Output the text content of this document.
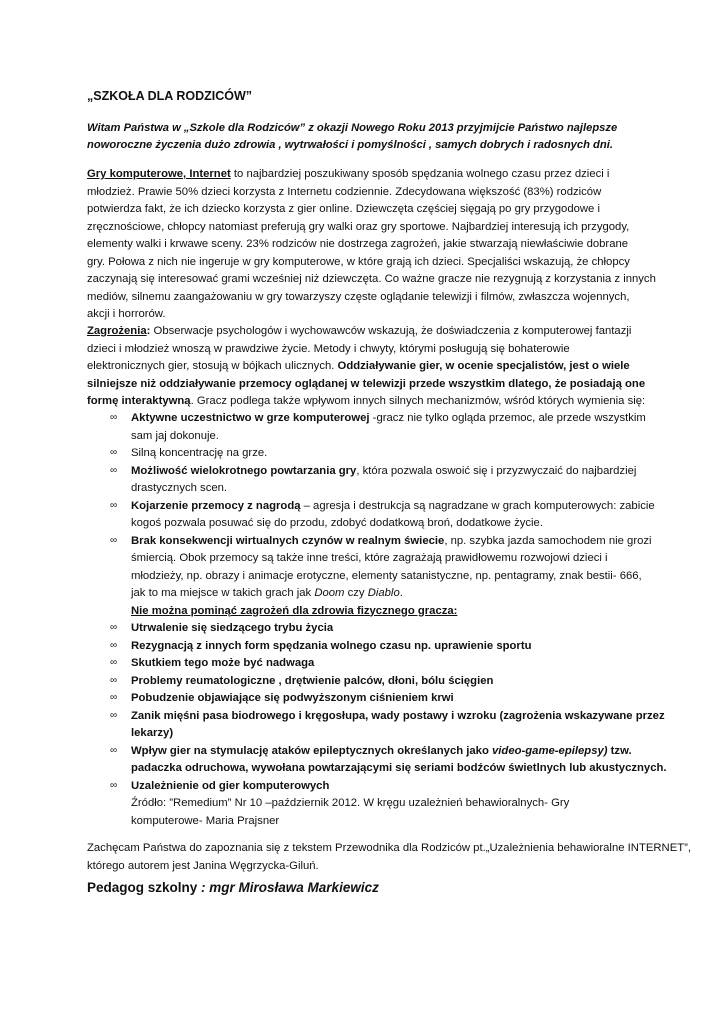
„SZKOŁA DLA RODZICÓW”
Witam Państwa w „Szkole dla Rodziców” z okazji Nowego Roku 2013 przyjmijcie Państwo najlepsze
noworoczne życzenia dużo zdrowia , wytrwałości i pomyślności , samych dobrych i radosnych dni.
Gry komputerowe, Internet to najbardziej poszukiwany sposób spędzania wolnego czasu przez dzieci i
młodzież. Prawie 50% dzieci korzysta z Internetu codziennie. Zdecydowana większość (83%) rodziców
potwierdza fakt, że ich dziecko korzysta z gier online. Dziewczęta częściej sięgają po gry przygodowe i
zręcznościowe, chłopcy natomiast preferują gry walki oraz gry sportowe. Najbardziej interesują ich przygody,
elementy walki i krwawe sceny. 23% rodziców nie dostrzega zagrożeń, jakie stwarzają niewłaściwie dobrane
gry. Połowa z nich nie ingeruje w gry komputerowe, w które grają ich dzieci. Specjaliści wskazują, że chłopcy
zaczynają się interesować grami wcześniej niż dziewczęta. Co ważne gracze nie rezygnują z korzystania z innych
mediów, silnemu zaangażowaniu w gry towarzyszy częste oglądanie telewizji i filmów, zwłaszcza wojennych,
akcji i horrorów.
Zagrożenia: Obserwacje psychologów i wychowawców wskazują, że doświadczenia z komputerowej fantazji
dzieci i młodzież wnoszą w prawdziwe życie. Metody i chwyty, którymi posługują się bohaterowie
elektronicznych gier, stosują w bójkach ulicznych. Oddziaływanie gier, w ocenie specjalistów, jest o wiele
silniejsze niż oddziaływanie przemocy oglądanej w telewizji przede wszystkim dlatego, że posiadają one
formę interaktywną. Gracz podlega także wpływom innych silnych mechanizmów, wśród których wymienia się:
∞ Aktywne uczestnictwo w grze komputerowej -gracz nie tylko ogląda przemoc, ale przede wszystkim
sam jaj dokonuje.
∞ Silną koncentrację na grze.
∞ Możliwość wielokrotnego powtarzania gry, która pozwala oswoić się i przyzwyczaić do najbardziej
drastycznych scen.
∞ Kojarzenie przemocy z nagrodą – agresja i destrukcja są nagradzane w grach komputerowych: zabicie
kogoś pozwala posuwać się do przodu, zdobyć dodatkową broń, dodatkowe życie.
∞ Brak konsekwencji wirtualnych czynów w realnym świecie, np. szybka jazda samochodem nie grozi
śmiercią. Obok przemocy są także inne treści, które zagrażają prawidłowemu rozwojowi dzieci i
młodzieży, np. obrazy i animacje erotyczne, elementy satanistyczne, np. pentagramy, znak bestii- 666,
jak to ma miejsce w takich grach jak Doom czy Diablo.
Nie można pominąć zagrożeń dla zdrowia fizycznego gracza:
∞ Utrwalenie się siedzącego trybu życia
∞ Rezygnacją z innych form spędzania wolnego czasu np. uprawienie sportu
∞ Skutkiem tego może być nadwaga
∞ Problemy reumatologiczne , drętwienie palców, dłoni, bólu ścięgien
∞ Pobudzenie objawiające się podwyższonym ciśnieniem krwi
∞ Zanik mięśni pasa biodrowego i kręgosłupa, wady postawy i wzroku (zagrożenia wskazywane przez
lekarzy)
∞ Wpływ gier na stymulację ataków epileptycznych określanych jako video-game-epilepsy) tzw.
padaczka odruchowa, wywołana powtarzającymi się seriami bodźców świetlnych lub akustycznych.
∞ Uzależnienie od gier komputerowych
Źródło: ”Remedium” Nr 10 –październik 2012. W kręgu uzależnień behawioralnych- Gry
komputerowe- Maria Prajsner
Zachęcam Państwa do zapoznania się z tekstem Przewodnika dla Rodziców pt.„Uzależnienia behawioralne INTERNET”,
którego autorem jest Janina Węgrzycka-Giluń.
Pedagog szkolny : mgr Mirosława Markiewicz
